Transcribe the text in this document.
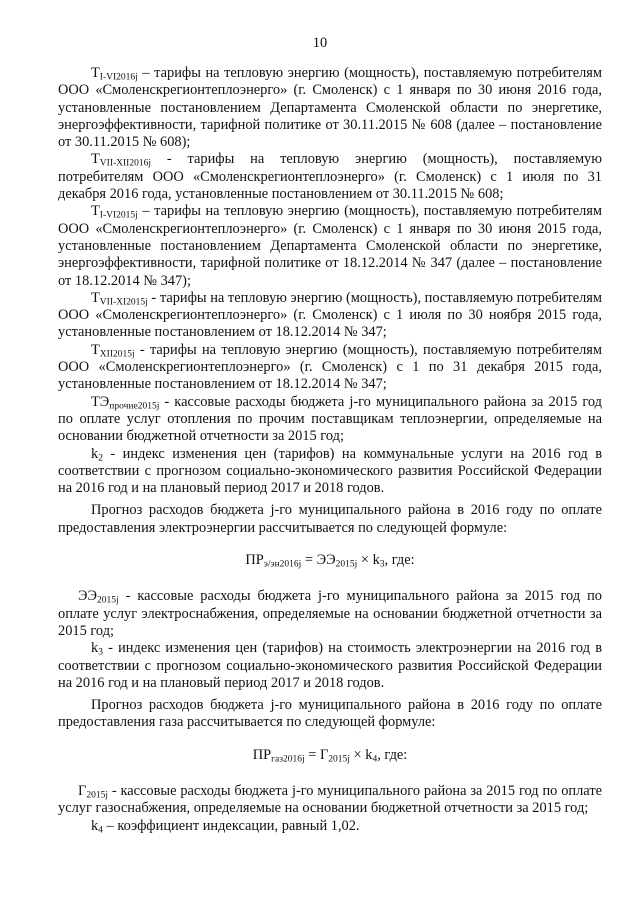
10

$T_{I-VI2016j}$ – тарифы на тепловую энергию (мощность), поставляемую потребителям ООО «Смоленскрегионтеплоэнерго» (г. Смоленск) с 1 января по 30 июня 2016 года, установленные постановлением Департамента Смоленской области по энергетике, энергоэффективности, тарифной политике от 30.11.2015 № 608 (далее – постановление от 30.11.2015 № 608);

$T_{VII-XII2016j}$ - тарифы на тепловую энергию (мощность), поставляемую потребителям ООО «Смоленскрегионтеплоэнерго» (г. Смоленск) с 1 июля по 31 декабря 2016 года, установленные постановлением от 30.11.2015 № 608;

$T_{I-VI2015j}$ – тарифы на тепловую энергию (мощность), поставляемую потребителям ООО «Смоленскрегионтеплоэнерго» (г. Смоленск) с 1 января по 30 июня 2015 года, установленные постановлением Департамента Смоленской области по энергетике, энергоэффективности, тарифной политике от 18.12.2014 № 347 (далее – постановление от 18.12.2014 № 347);

$T_{VII-XI2015j}$ - тарифы на тепловую энергию (мощность), поставляемую потребителям ООО «Смоленскрегионтеплоэнерго» (г. Смоленск) с 1 июля по 30 ноября 2015 года, установленные постановлением от 18.12.2014 № 347;

$T_{XII2015j}$ - тарифы на тепловую энергию (мощность), поставляемую потребителям ООО «Смоленскрегионтеплоэнерго» (г. Смоленск) с 1 по 31 декабря 2015 года, установленные постановлением от 18.12.2014 № 347;

$ТЭ_{прочие2015j}$ - кассовые расходы бюджета j-го муниципального района за 2015 год по оплате услуг отопления по прочим поставщикам теплоэнергии, определяемые на основании бюджетной отчетности за 2015 год;

$k_2$ - индекс изменения цен (тарифов) на коммунальные услуги на 2016 год в соответствии с прогнозом социально-экономического развития Российской Федерации на 2016 год и на плановый период 2017 и 2018 годов.

Прогноз расходов бюджета j-го муниципального района в 2016 году по оплате предоставления электроэнергии рассчитывается по следующей формуле:

$ПР_{э/эн2016j} = ЭЭ_{2015j} \times k_3$, где:

$ЭЭ_{2015j}$ - кассовые расходы бюджета j-го муниципального района за 2015 год по оплате услуг электроснабжения, определяемые на основании бюджетной отчетности за 2015 год;

$k_3$ - индекс изменения цен (тарифов) на стоимость электроэнергии на 2016 год в соответствии с прогнозом социально-экономического развития Российской Федерации на 2016 год и на плановый период 2017 и 2018 годов.

Прогноз расходов бюджета j-го муниципального района в 2016 году по оплате предоставления газа рассчитывается по следующей формуле:

$ПР_{газ2016j} = Г_{2015j} \times k_4$, где:

$Г_{2015j}$ - кассовые расходы бюджета j-го муниципального района за 2015 год по оплате услуг газоснабжения, определяемые на основании бюджетной отчетности за 2015 год;

$k_4$ – коэффициент индексации, равный 1,02.
